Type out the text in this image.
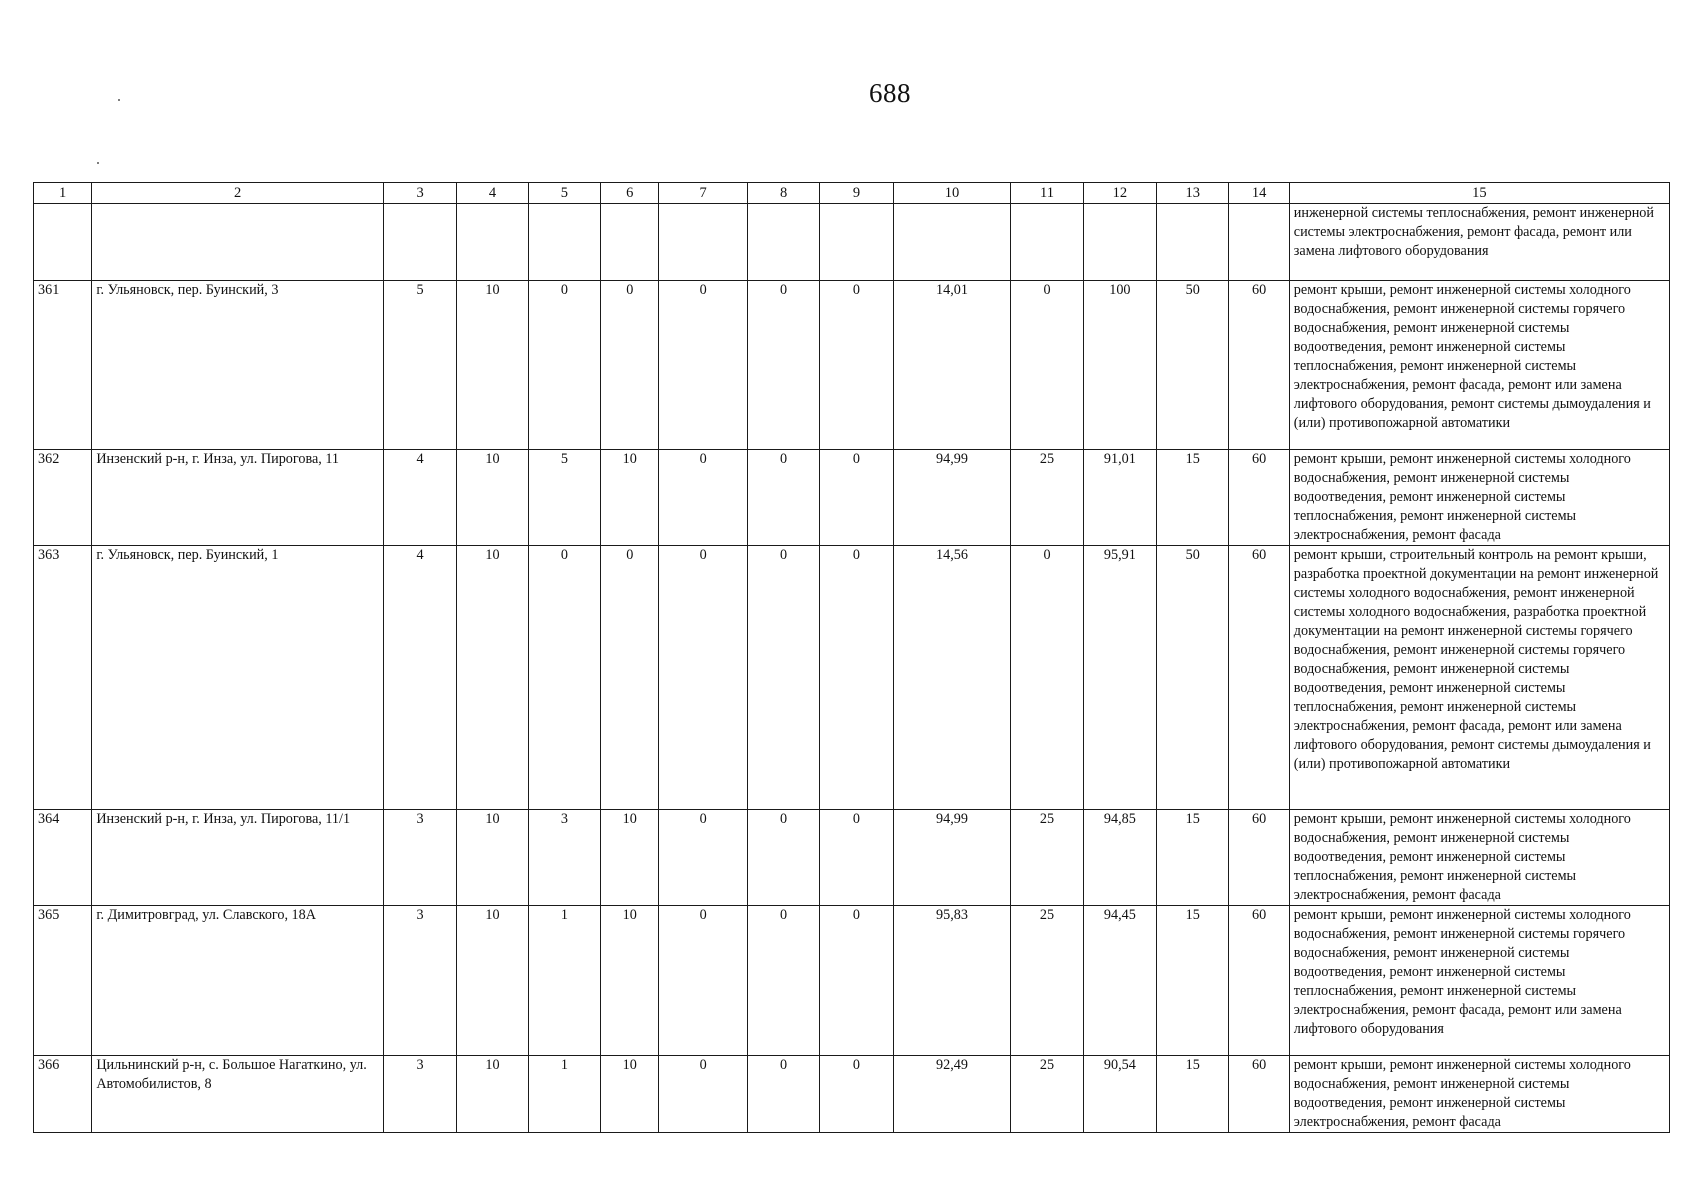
688
1	2	3	4	5	6	7	8	9	10	11	12	13	14	15
														инженерной системы теплоснабжения, ремонт инженерной системы электроснабжения, ремонт фасада, ремонт или замена лифтового оборудования
361	г. Ульяновск, пер. Буинский, 3	5	10	0	0	0	0	0	14,01	0	100	50	60	ремонт крыши, ремонт инженерной системы холодного водоснабжения, ремонт инженерной системы горячего водоснабжения, ремонт инженерной системы водоотведения, ремонт инженерной системы теплоснабжения, ремонт инженерной системы электроснабжения, ремонт фасада, ремонт или замена лифтового оборудования, ремонт системы дымоудаления и (или) противопожарной автоматики
362	Инзенский р-н, г. Инза, ул. Пирогова, 11	4	10	5	10	0	0	0	94,99	25	91,01	15	60	ремонт крыши, ремонт инженерной системы холодного водоснабжения, ремонт инженерной системы водоотведения, ремонт инженерной системы теплоснабжения, ремонт инженерной системы электроснабжения, ремонт фасада
363	г. Ульяновск, пер. Буинский, 1	4	10	0	0	0	0	0	14,56	0	95,91	50	60	ремонт крыши, строительный контроль на ремонт крыши, разработка проектной документации на ремонт инженерной системы холодного водоснабжения, ремонт инженерной системы холодного водоснабжения, разработка проектной документации на ремонт инженерной системы горячего водоснабжения, ремонт инженерной системы горячего водоснабжения, ремонт инженерной системы водоотведения, ремонт инженерной системы теплоснабжения, ремонт инженерной системы электроснабжения, ремонт фасада, ремонт или замена лифтового оборудования, ремонт системы дымоудаления и (или) противопожарной автоматики
364	Инзенский р-н, г. Инза, ул. Пирогова, 11/1	3	10	3	10	0	0	0	94,99	25	94,85	15	60	ремонт крыши, ремонт инженерной системы холодного водоснабжения, ремонт инженерной системы водоотведения, ремонт инженерной системы теплоснабжения, ремонт инженерной системы электроснабжения, ремонт фасада
365	г. Димитровград, ул. Славского, 18А	3	10	1	10	0	0	0	95,83	25	94,45	15	60	ремонт крыши, ремонт инженерной системы холодного водоснабжения, ремонт инженерной системы горячего водоснабжения, ремонт инженерной системы водоотведения, ремонт инженерной системы теплоснабжения, ремонт инженерной системы электроснабжения, ремонт фасада, ремонт или замена лифтового оборудования
366	Цильнинский р-н, с. Большое Нагаткино, ул. Автомобилистов, 8	3	10	1	10	0	0	0	92,49	25	90,54	15	60	ремонт крыши, ремонт инженерной системы холодного водоснабжения, ремонт инженерной системы водоотведения, ремонт инженерной системы электроснабжения, ремонт фасада
